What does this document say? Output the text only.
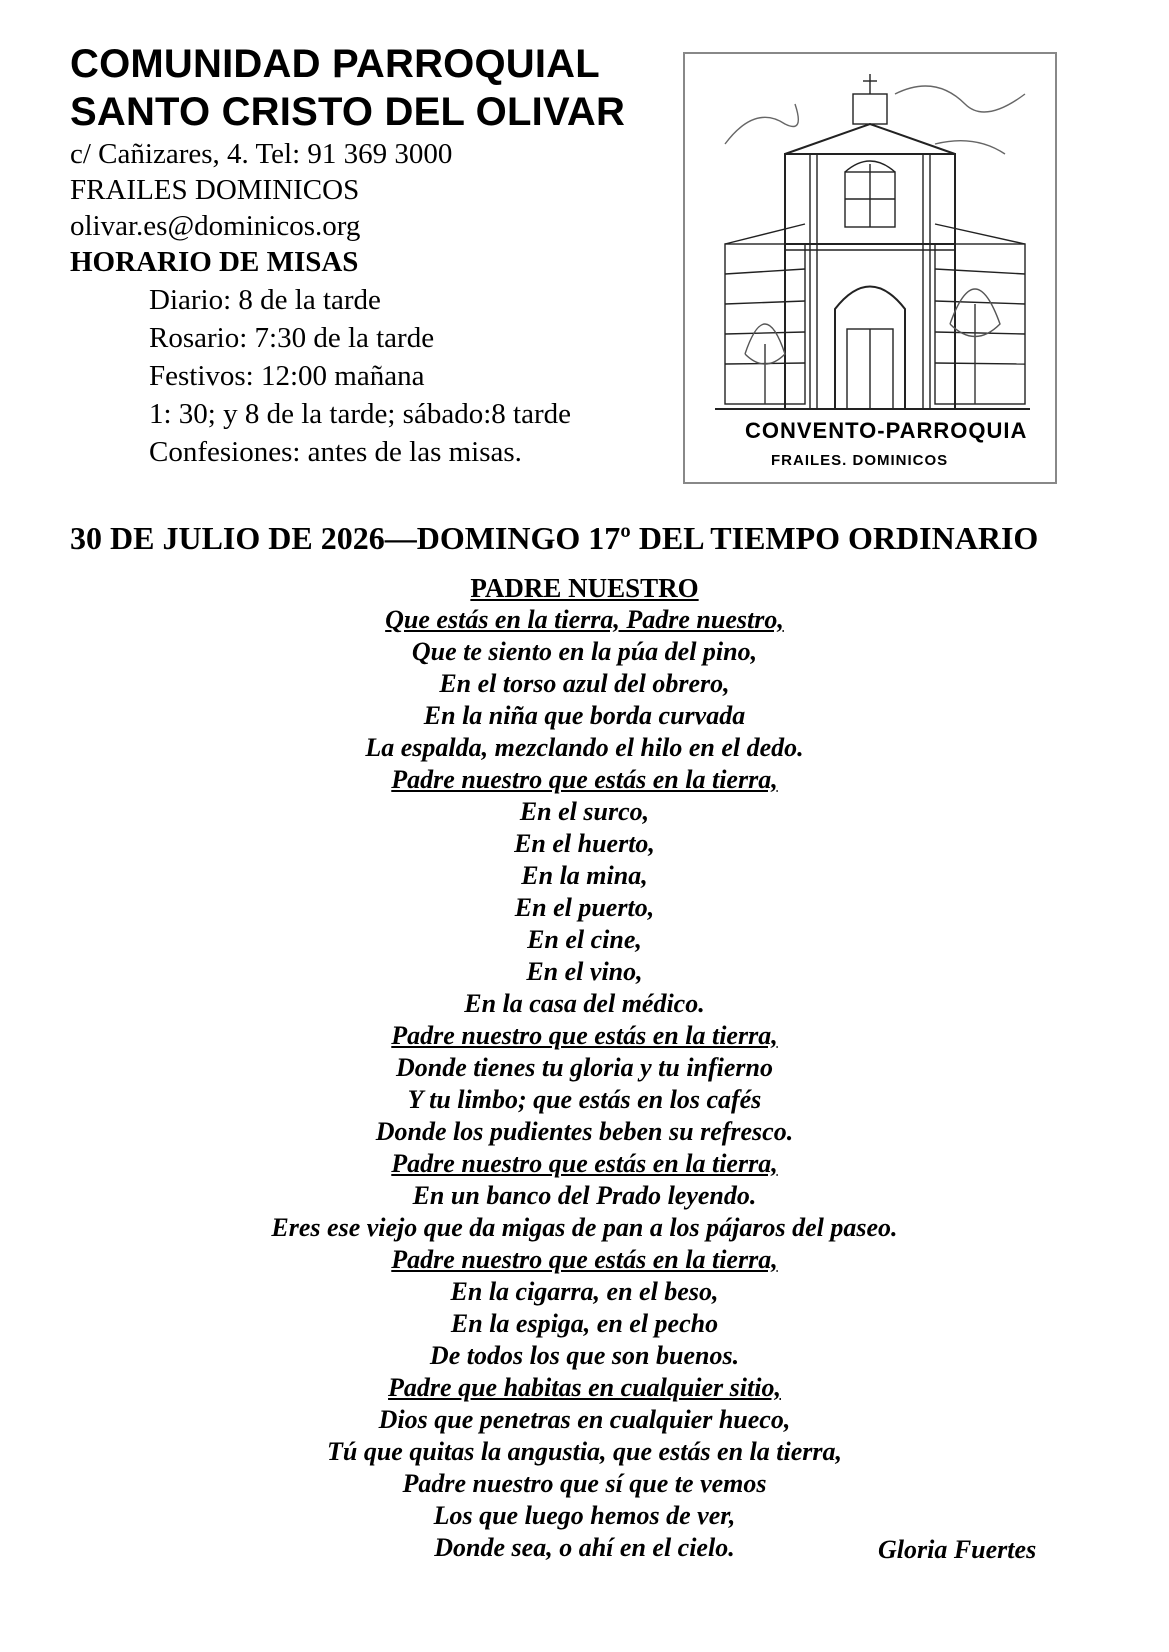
COMUNIDAD PARROQUIAL
SANTO CRISTO DEL OLIVAR
c/ Cañizares, 4. Tel: 91 369 3000
FRAILES DOMINICOS
olivar.es@dominicos.org
HORARIO DE MISAS
Diario: 8 de la tarde
Rosario: 7:30 de la tarde
Festivos: 12:00 mañana
1: 30; y 8 de la tarde; sábado:8 tarde
Confesiones: antes de las misas.
CONVENTO-PARROQUIA
FRAILES. DOMINICOS
30 DE JULIO DE 2026—DOMINGO 17º DEL TIEMPO ORDINARIO
PADRE NUESTRO
Que estás en la tierra, Padre nuestro,
Que te siento en la púa del pino,
En el torso azul del obrero,
En la niña que borda curvada
La espalda, mezclando el hilo en el dedo.
Padre nuestro que estás en la tierra,
En el surco,
En el huerto,
En la mina,
En el puerto,
En el cine,
En el vino,
En la casa del médico.
Padre nuestro que estás en la tierra,
Donde tienes tu gloria y tu infierno
Y tu limbo; que estás en los cafés
Donde los pudientes beben su refresco.
Padre nuestro que estás en la tierra,
En un banco del Prado leyendo.
Eres ese viejo que da migas de pan a los pájaros del paseo.
Padre nuestro que estás en la tierra,
En la cigarra, en el beso,
En la espiga, en el pecho
De todos los que son buenos.
Padre que habitas en cualquier sitio,
Dios que penetras en cualquier hueco,
Tú que quitas la angustia, que estás en la tierra,
Padre nuestro que sí que te vemos
Los que luego hemos de ver,
Donde sea, o ahí en el cielo.	Gloria Fuertes
